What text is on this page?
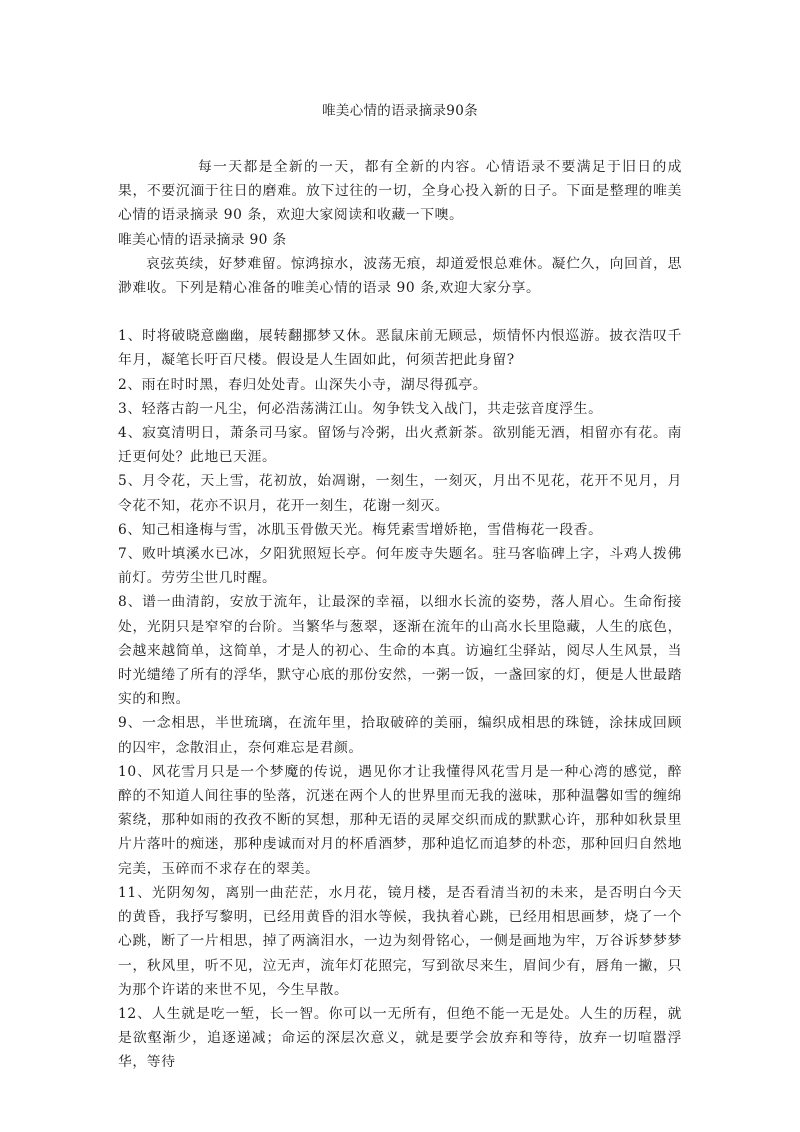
唯美心情的语录摘录90条

每一天都是全新的一天，都有全新的内容。心情语录不要满足于旧日的成果，不要沉湎于往日的磨难。放下过往的一切，全身心投入新的日子。下面是整理的唯美心情的语录摘录 90 条，欢迎大家阅读和收藏一下噢。

唯美心情的语录摘录 90 条

哀弦英续，好梦难留。惊鸿掠水，波荡无痕，却道爱恨总难休。凝伫久，向回首，思渺难收。下列是精心准备的唯美心情的语录 90 条,欢迎大家分享。

1、时将破晓意幽幽，展转翻挪梦又休。恶鼠床前无顾忌，烦情怀内恨巡游。披衣浩叹千年月，凝笔长吁百尺楼。假设是人生固如此，何须苦把此身留?

2、雨在时时黑，春归处处青。山深失小寺，湖尽得孤亭。

3、轻落古韵一凡尘，何必浩荡满江山。匆争铁戈入战门，共走弦音度浮生。

4、寂寞清明日，萧条司马家。留饧与冷粥，出火煮新茶。欲别能无酒，相留亦有花。南迁更何处？此地已天涯。

5、月令花，天上雪，花初放，始凋谢，一刻生，一刻灭，月出不见花，花开不见月，月令花不知，花亦不识月，花开一刻生，花谢一刻灭。

6、知己相逢梅与雪，冰肌玉骨傲天光。梅凭素雪增娇艳，雪借梅花一段香。

7、败叶填溪水已冰，夕阳犹照短长亭。何年废寺失题名。驻马客临碑上字，斗鸡人拨佛前灯。劳劳尘世几时醒。

8、谱一曲清韵，安放于流年，让最深的幸福，以细水长流的姿势，落人眉心。生命衔接处，光阴只是窄窄的台阶。当繁华与葱翠，逐渐在流年的山高水长里隐藏，人生的底色，会越来越简单，这简单，才是人的初心、生命的本真。访遍红尘驿站，阅尽人生风景，当时光缱绻了所有的浮华，默守心底的那份安然，一粥一饭，一盏回家的灯，便是人世最踏实的和煦。

9、一念相思，半世琉璃，在流年里，拾取破碎的美丽，编织成相思的珠链，涂抹成回顾的囚牢，念散泪止，奈何难忘是君颜。

10、风花雪月只是一个梦魔的传说，遇见你才让我懂得风花雪月是一种心湾的感觉，醉醉的不知道人间往事的坠落，沉迷在两个人的世界里而无我的滋味，那种温馨如雪的缠绵萦绕，那种如雨的孜孜不断的冥想，那种无语的灵犀交织而成的默默心许，那种如秋景里片片落叶的痴迷，那种虔诚而对月的杯盾酒梦，那种追忆而追梦的朴恋，那种回归自然地完美，玉碎而不求存在的翠美。

11、光阴匆匆，离别一曲茫茫，水月花，镜月楼，是否看清当初的未来，是否明白今天的黄昏，我抒写黎明，已经用黄昏的泪水等候，我执着心跳，已经用相思画梦，烧了一个心跳，断了一片相思，掉了两滴泪水，一边为刻骨铭心，一侧是画地为牢，万谷诉梦梦梦一，秋风里，听不见，泣无声，流年灯花照完，写到欲尽来生，眉间少有，唇角一撇，只为那个许诺的来世不见，今生早散。

12、人生就是吃一堑，长一智。你可以一无所有，但绝不能一无是处。人生的历程，就是欲壑渐少，追逐递减；命运的深层次意义，就是要学会放弃和等待，放弃一切喧嚣浮华，等待
